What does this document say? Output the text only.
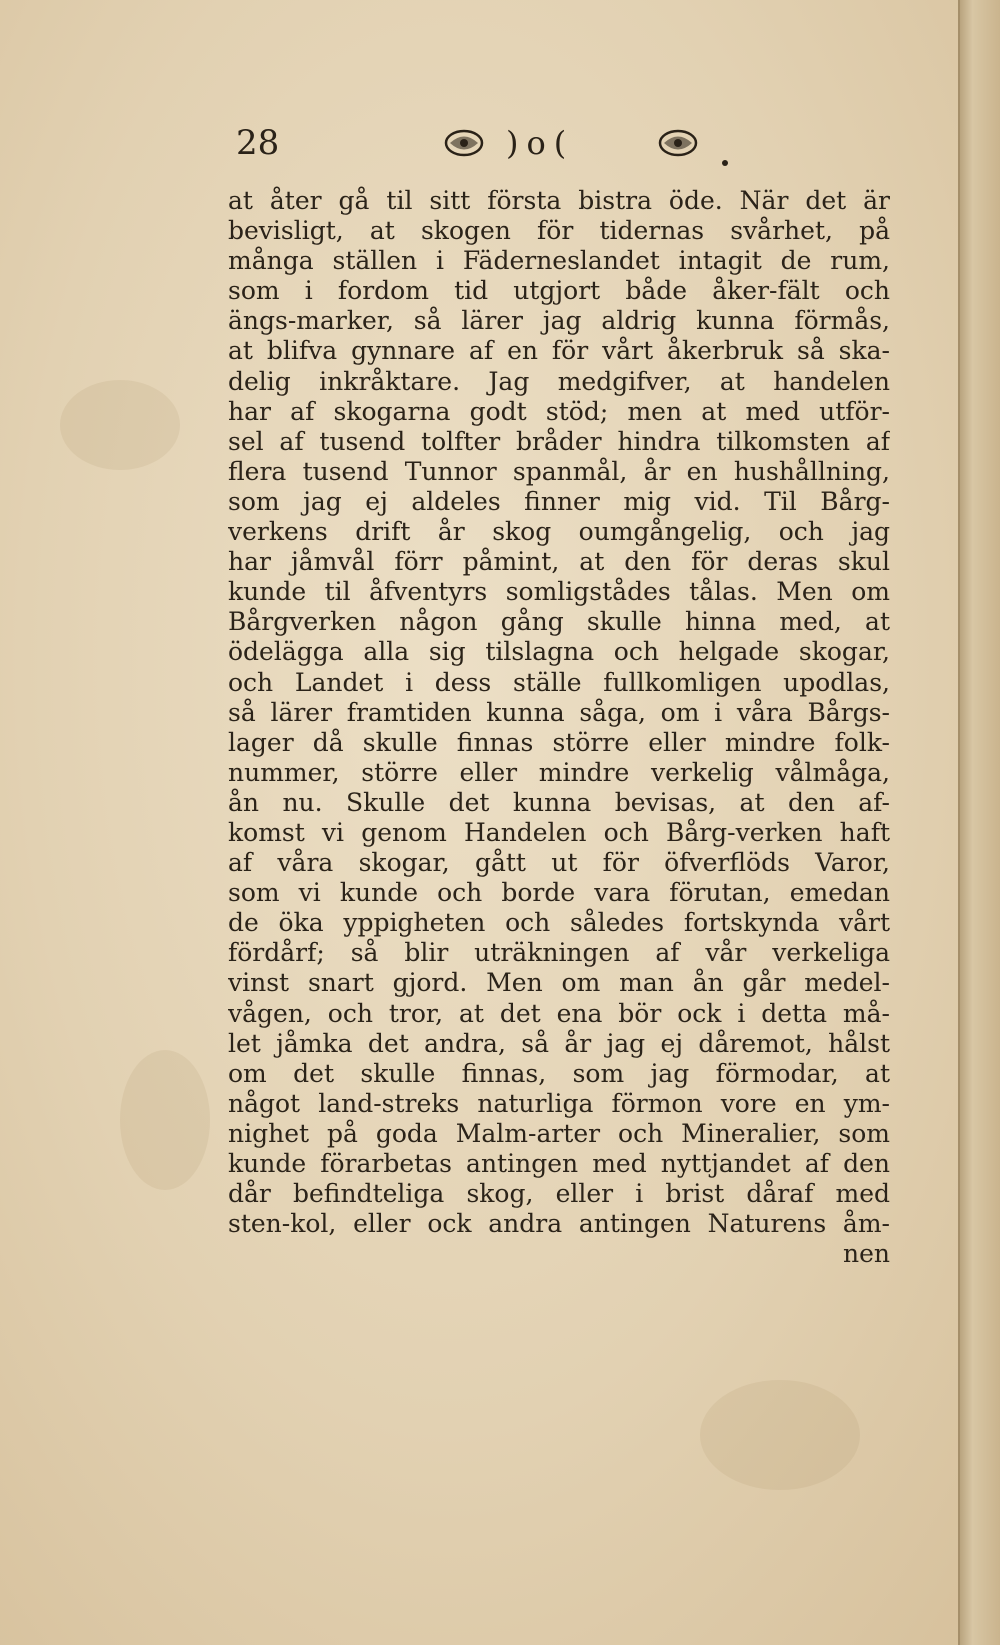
28	)o(
at åter gå til sitt första bistra öde. När det är
bevisligt, at skogen för tidernas svårhet, på
många ställen i Fäderneslandet intagit de rum,
som i fordom tid utgjort både åker-fält och
ängs-marker, så lärer jag aldrig kunna förmås,
at blifva gynnare af en för vårt åkerbruk så ska-
delig inkråktare. Jag medgifver, at handelen
har af skogarna godt stöd; men at med utför-
sel af tusend tolfter bråder hindra tilkomsten af
flera tusend Tunnor spanmål, år en hushållning,
som jag ej aldeles finner mig vid. Til Bårg-
verkens drift år skog oumgångelig, och jag
har jåmvål förr påmint, at den för deras skul
kunde til åfventyrs somligstådes tålas. Men om
Bårgverken någon gång skulle hinna med, at
ödelägga alla sig tilslagna och helgade skogar,
och Landet i dess ställe fullkomligen upodlas,
så lärer framtiden kunna såga, om i våra Bårgs-
lager då skulle finnas större eller mindre folk-
nummer, större eller mindre verkelig vålmåga,
ån nu. Skulle det kunna bevisas, at den af-
komst vi genom Handelen och Bårg-verken haft
af våra skogar, gått ut för öfverflöds Varor,
som vi kunde och borde vara förutan, emedan
de öka yppigheten och således fortskynda vårt
fördårf; så blir uträkningen af vår verkeliga
vinst snart gjord. Men om man ån går medel-
vågen, och tror, at det ena bör ock i detta må-
let jåmka det andra, så år jag ej dåremot, hålst
om det skulle finnas, som jag förmodar, at
något land-streks naturliga förmon vore en ym-
nighet på goda Malm-arter och Mineralier, som
kunde förarbetas antingen med nyttjandet af den
dår befindteliga skog, eller i brist dåraf med
sten-kol, eller ock andra antingen Naturens åm-
nen
